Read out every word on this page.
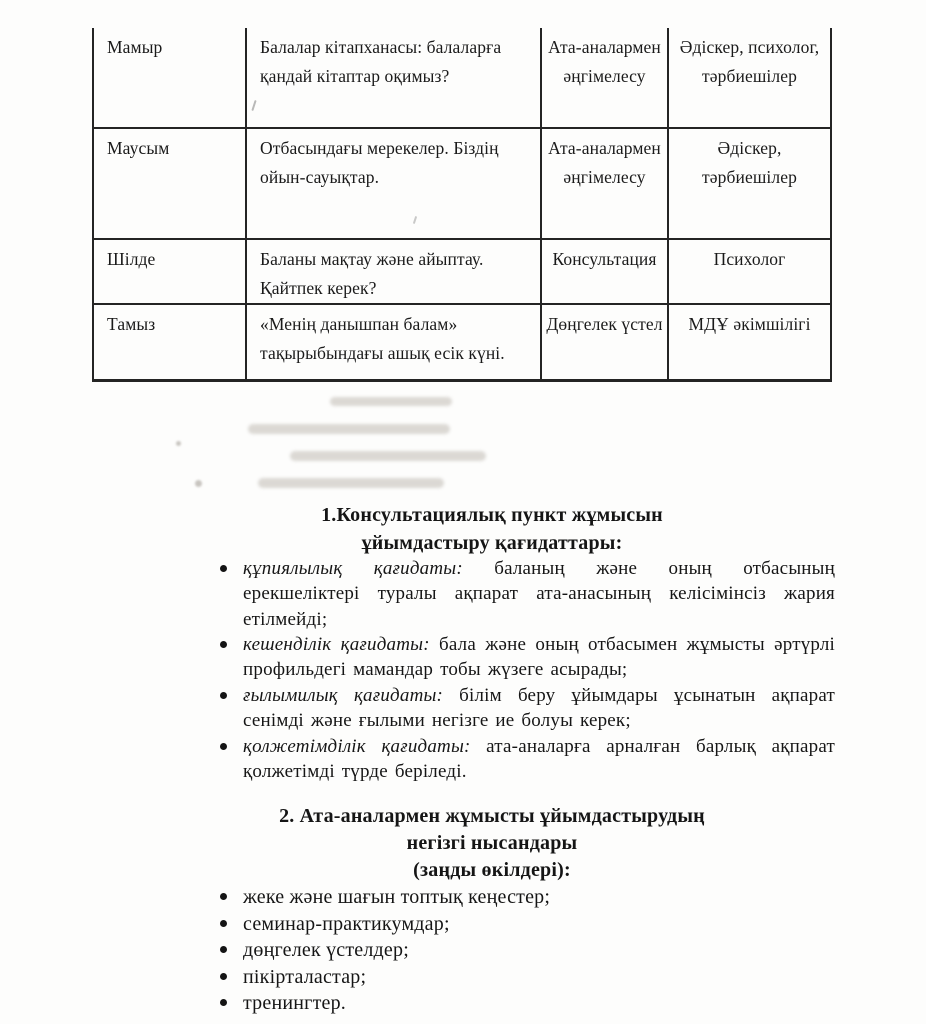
Мамыр	Балалар кітапханасы: балаларға қандай кітаптар оқимыз?	Ата-аналармен әңгімелесу	Әдіскер, психолог, тәрбиешілер
Маусым	Отбасындағы мерекелер. Біздің ойын-сауықтар.	Ата-аналармен әңгімелесу	Әдіскер, тәрбиешілер
Шілде	Баланы мақтау және айыптау. Қайтпек керек?	Консультация	Психолог
Тамыз	«Менің данышпан балам» тақырыбындағы ашық есік күні.	Дөңгелек үстел	МДҰ әкімшілігі
1.Консультациялық пункт жұмысын
ұйымдастыру қағидаттары:
құпиялылық қағидаты: баланың және оның отбасының ерекшеліктері туралы ақпарат ата-анасының келісімінсіз жария етілмейді;
кешенділік қағидаты: бала және оның отбасымен жұмысты әртүрлі профильдегі мамандар тобы жүзеге асырады;
ғылымилық қағидаты: білім беру ұйымдары ұсынатын ақпарат сенімді және ғылыми негізге ие болуы керек;
қолжетімділік қағидаты: ата-аналарға арналған барлық ақпарат қолжетімді түрде беріледі.
2. Ата-аналармен жұмысты ұйымдастырудың
негізгі нысандары
(заңды өкілдері):
жеке және шағын топтық кеңестер;
семинар-практикумдар;
дөңгелек үстелдер;
пікірталастар;
тренингтер.
